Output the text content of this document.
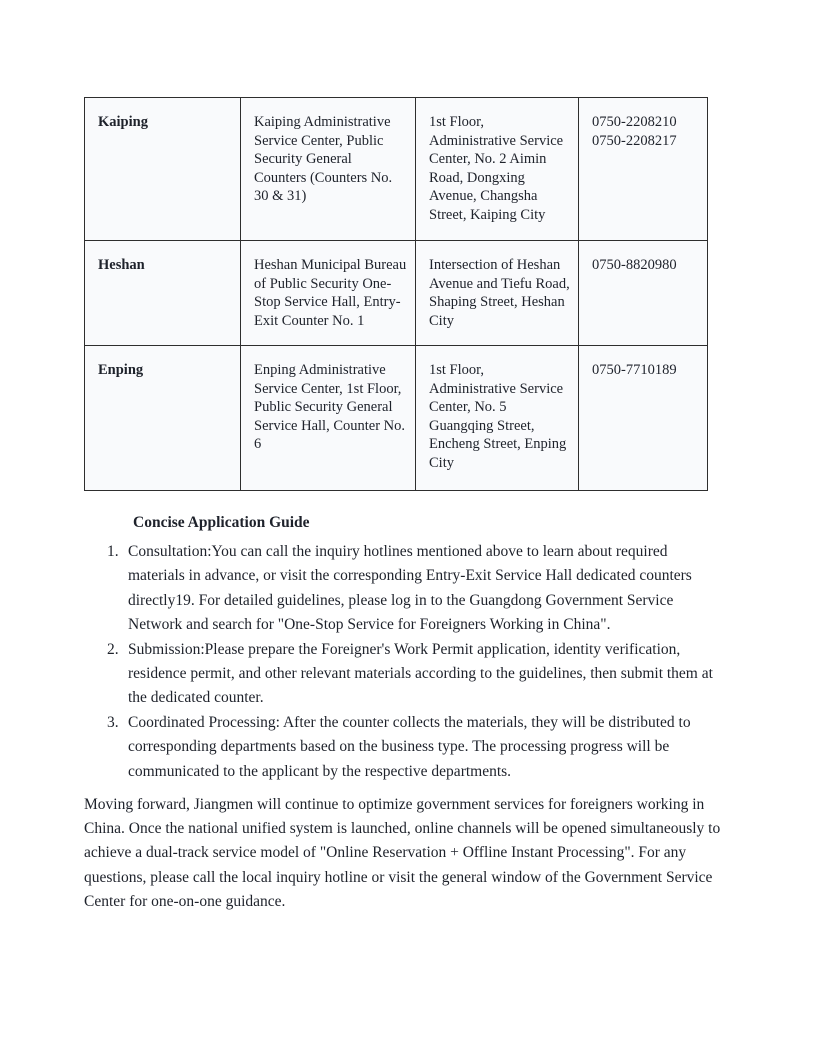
Kaiping	Kaiping Administrative Service Center, Public Security General Counters (Counters No. 30 & 31)	1st Floor, Administrative Service Center, No. 2 Aimin Road, Dongxing Avenue, Changsha Street, Kaiping City	0750-2208210
0750-2208217

Heshan	Heshan Municipal Bureau of Public Security One-Stop Service Hall, Entry-Exit Counter No. 1	Intersection of Heshan Avenue and Tiefu Road, Shaping Street, Heshan City	0750-8820980

Enping	Enping Administrative Service Center, 1st Floor, Public Security General Service Hall, Counter No. 6	1st Floor, Administrative Service Center, No. 5 Guangqing Street, Encheng Street, Enping City	0750-7710189
Concise Application Guide
1. Consultation:You can call the inquiry hotlines mentioned above to learn about required materials in advance, or visit the corresponding Entry-Exit Service Hall dedicated counters directly19. For detailed guidelines, please log in to the Guangdong Government Service Network and search for "One-Stop Service for Foreigners Working in China".
2. Submission:Please prepare the Foreigner's Work Permit application, identity verification, residence permit, and other relevant materials according to the guidelines, then submit them at the dedicated counter.
3. Coordinated Processing: After the counter collects the materials, they will be distributed to corresponding departments based on the business type. The processing progress will be communicated to the applicant by the respective departments.
Moving forward, Jiangmen will continue to optimize government services for foreigners working in China. Once the national unified system is launched, online channels will be opened simultaneously to achieve a dual-track service model of "Online Reservation + Offline Instant Processing". For any questions, please call the local inquiry hotline or visit the general window of the Government Service Center for one-on-one guidance.
